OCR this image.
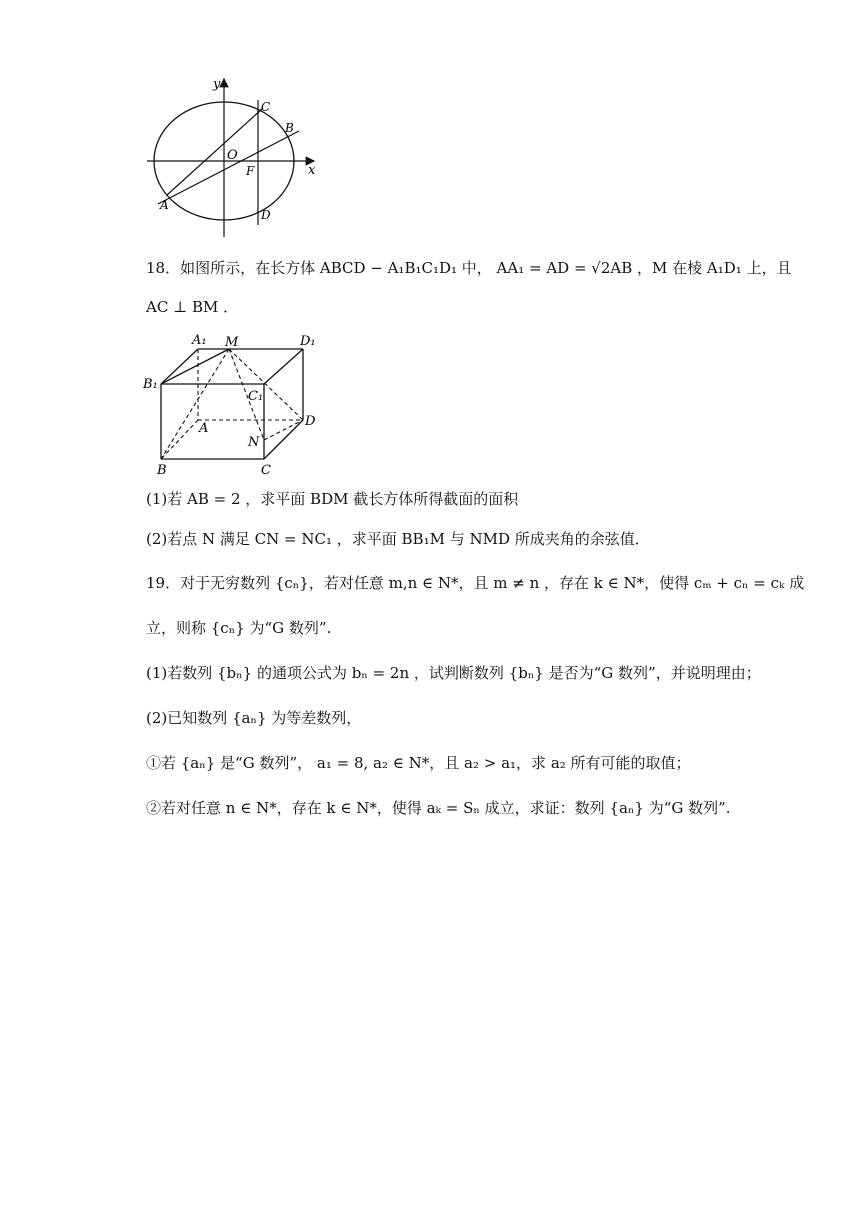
y
x
O
F
A
B
C
D
18．如图所示，在长方体 ABCD − A₁B₁C₁D₁ 中， AA₁ = AD = √2AB ，M 在棱 A₁D₁ 上，且
AC ⊥ BM ．
A₁ M	D₁
B₁
C₁
A	D
N
B	C
(1)若 AB = 2 ，求平面 BDM 截长方体所得截面的面积
(2)若点 N 满足 CN = NC₁ ，求平面 BB₁M 与 NMD 所成夹角的余弦值．
19．对于无穷数列 {cₙ}，若对任意 m,n ∈ N*，且 m ≠ n ，存在 k ∈ N*，使得 cₘ + cₙ = cₖ 成
立，则称 {cₙ} 为“G 数列”.
(1)若数列 {bₙ} 的通项公式为 bₙ = 2n ，试判断数列 {bₙ} 是否为“G 数列”，并说明理由；
(2)已知数列 {aₙ} 为等差数列，
①若 {aₙ} 是“G 数列”， a₁ = 8, a₂ ∈ N*，且 a₂ > a₁，求 a₂ 所有可能的取值；
②若对任意 n ∈ N*，存在 k ∈ N*，使得 aₖ = Sₙ 成立，求证：数列 {aₙ} 为“G 数列”.
